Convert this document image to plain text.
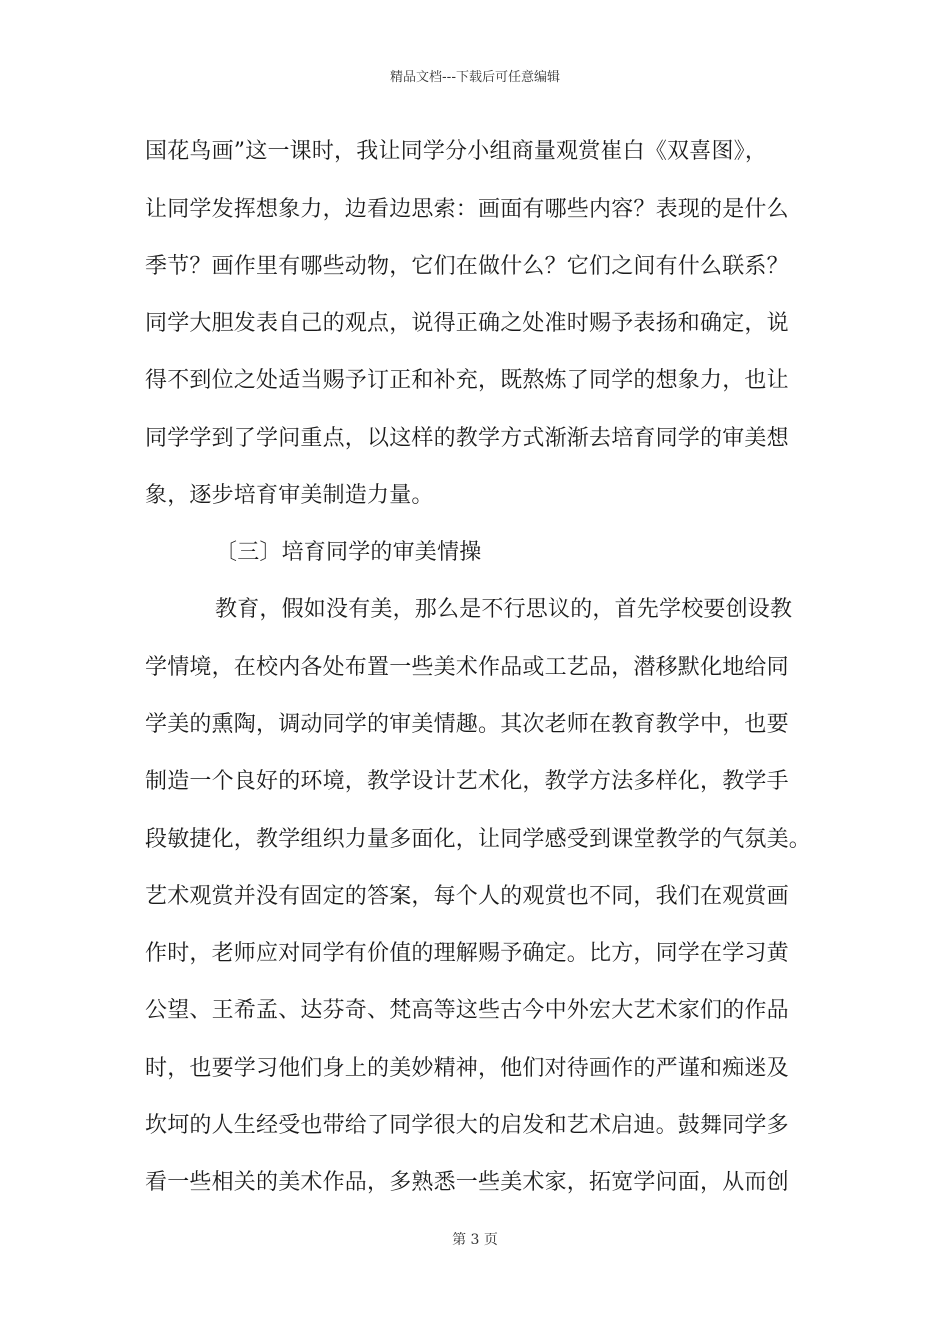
精品文档---下载后可任意编辑
国花鸟画”这一课时，我让同学分小组商量观赏崔白《双喜图》，
让同学发挥想象力，边看边思索：画面有哪些内容？表现的是什么
季节？画作里有哪些动物，它们在做什么？它们之间有什么联系？
同学大胆发表自己的观点，说得正确之处准时赐予表扬和确定，说
得不到位之处适当赐予订正和补充，既熬炼了同学的想象力，也让
同学学到了学问重点，以这样的教学方式渐渐去培育同学的审美想
象，逐步培育审美制造力量。
〔三〕培育同学的审美情操
教育，假如没有美，那么是不行思议的，首先学校要创设教
学情境，在校内各处布置一些美术作品或工艺品，潜移默化地给同
学美的熏陶，调动同学的审美情趣。其次老师在教育教学中，也要
制造一个良好的环境，教学设计艺术化，教学方法多样化，教学手
段敏捷化，教学组织力量多面化，让同学感受到课堂教学的气氛美。
艺术观赏并没有固定的答案，每个人的观赏也不同，我们在观赏画
作时，老师应对同学有价值的理解赐予确定。比方，同学在学习黄
公望、王希孟、达芬奇、梵高等这些古今中外宏大艺术家们的作品
时，也要学习他们身上的美妙精神，他们对待画作的严谨和痴迷及
坎坷的人生经受也带给了同学很大的启发和艺术启迪。鼓舞同学多
看一些相关的美术作品，多熟悉一些美术家，拓宽学问面，从而创
第 3 页
